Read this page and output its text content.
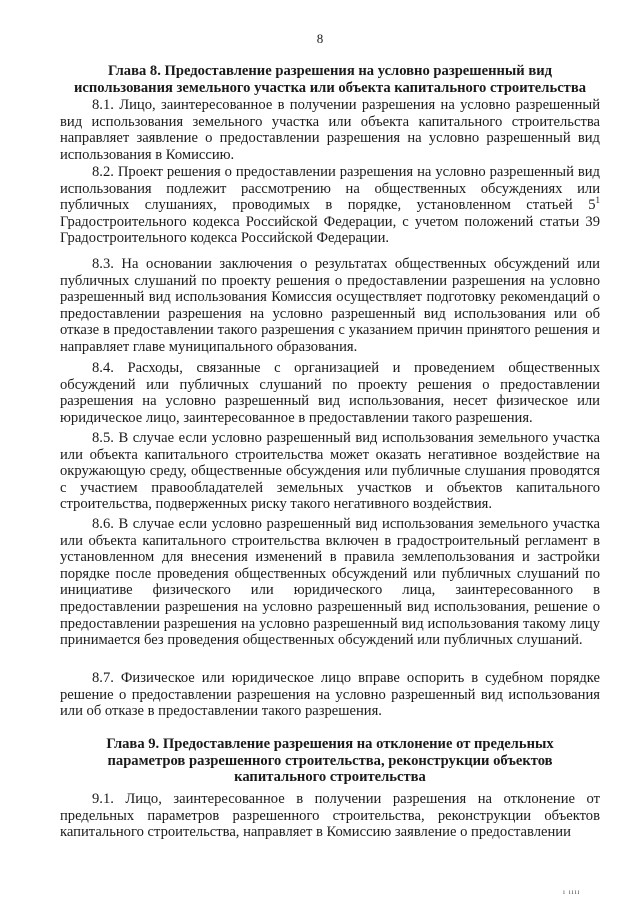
8
Глава 8. Предоставление разрешения на условно разрешенный вид
использования земельного участка или объекта капитального строительства

8.1. Лицо, заинтересованное в получении разрешения на условно разрешенный вид использования земельного участка или объекта капитального строительства направляет заявление о предоставлении разрешения на условно разрешенный вид использования в Комиссию.

8.2. Проект решения о предоставлении разрешения на условно разрешенный вид использования подлежит рассмотрению на общественных обсуждениях или публичных слушаниях, проводимых в порядке, установленном статьей $5^1$ Градостроительного кодекса Российской Федерации, с учетом положений статьи 39 Градостроительного кодекса Российской Федерации.

8.3. На основании заключения о результатах общественных обсуждений или публичных слушаний по проекту решения о предоставлении разрешения на условно разрешенный вид использования Комиссия осуществляет подготовку рекомендаций о предоставлении разрешения на условно разрешенный вид использования или об отказе в предоставлении такого разрешения с указанием причин принятого решения и направляет главе муниципального образования.

8.4. Расходы, связанные с организацией и проведением общественных обсуждений или публичных слушаний по проекту решения о предоставлении разрешения на условно разрешенный вид использования, несет физическое или юридическое лицо, заинтересованное в предоставлении такого разрешения.

8.5. В случае если условно разрешенный вид использования земельного участка или объекта капитального строительства может оказать негативное воздействие на окружающую среду, общественные обсуждения или публичные слушания проводятся с участием правообладателей земельных участков и объектов капитального строительства, подверженных риску такого негативного воздействия.

8.6. В случае если условно разрешенный вид использования земельного участка или объекта капитального строительства включен в градостроительный регламент в установленном для внесения изменений в правила землепользования и застройки порядке после проведения общественных обсуждений или публичных слушаний по инициативе физического или юридического лица, заинтересованного в предоставлении разрешения на условно разрешенный вид использования, решение о предоставлении разрешения на условно разрешенный вид использования такому лицу принимается без проведения общественных обсуждений или публичных слушаний.

8.7. Физическое или юридическое лицо вправе оспорить в судебном порядке решение о предоставлении разрешения на условно разрешенный вид использования или об отказе в предоставлении такого разрешения.

Глава 9. Предоставление разрешения на отклонение от предельных
параметров разрешенного строительства, реконструкции объектов
капитального строительства

9.1. Лицо, заинтересованное в получении разрешения на отклонение от предельных параметров разрешенного строительства, реконструкции объектов капитального строительства, направляет в Комиссию заявление о предоставлении

ı ıııı
